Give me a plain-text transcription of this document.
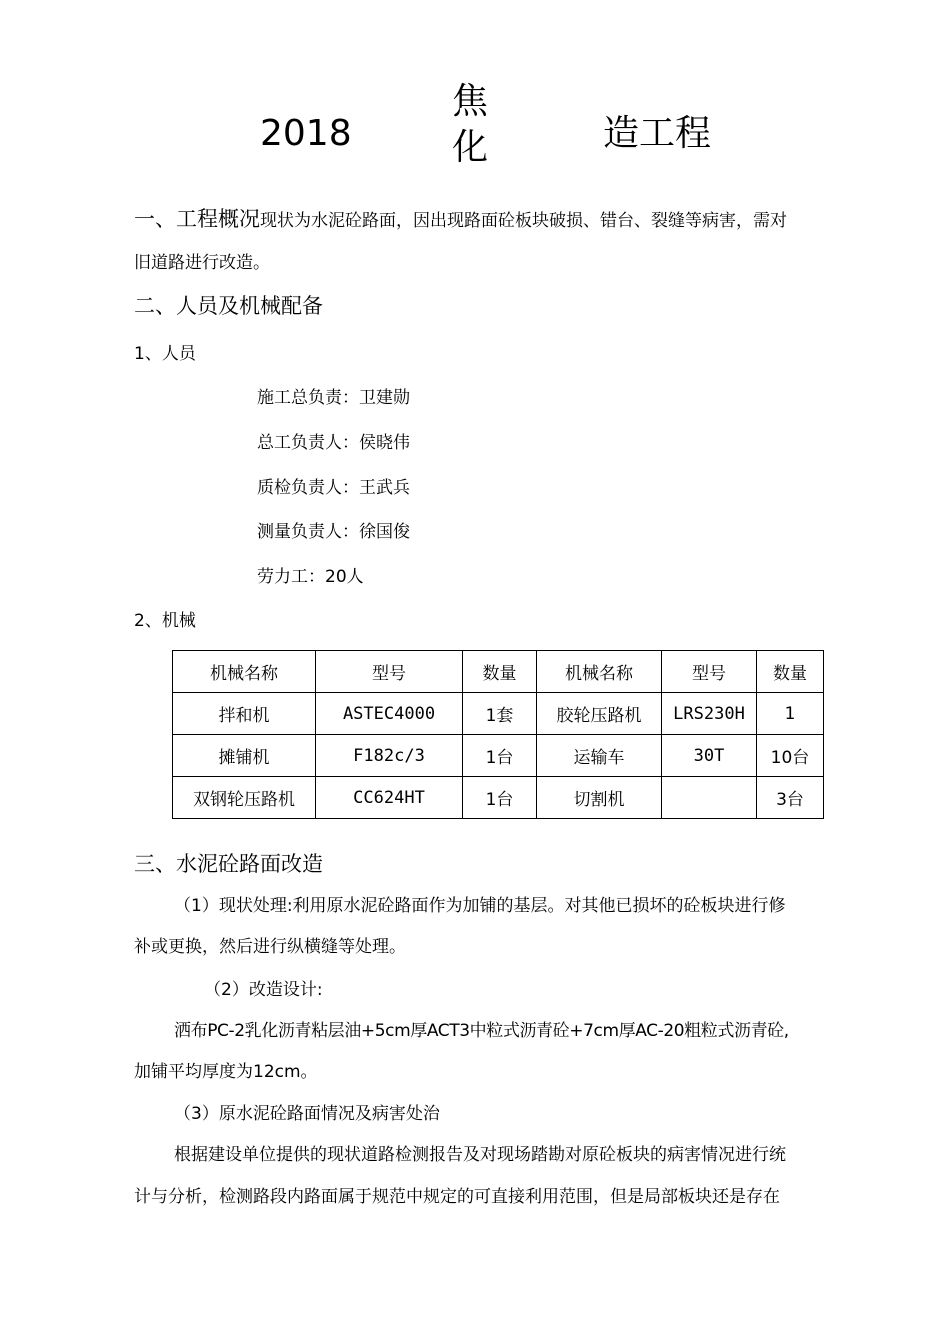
2018
焦
化	造工程
一、工程概况现状为水泥砼路面，因出现路面砼板块破损、错台、裂缝等病害，需对
旧道路进行改造。
二、人员及机械配备
1、人员
施工总负责：卫建勋
总工负责人：侯晓伟
质检负责人：王武兵
测量负责人：徐国俊
劳力工：20人
2、机械
机械名称	型号	数量	机械名称	型号	数量
拌和机	ASTEC4000	1套	胶轮压路机	LRS230H	1
摊铺机	F182c/3	1台	运输车	30T	10台
双钢轮压路机	CC624HT	1台	切割机		3台
三、水泥砼路面改造
（1）现状处理:利用原水泥砼路面作为加铺的基层。对其他已损坏的砼板块进行修
补或更换，然后进行纵横缝等处理。
（2）改造设计:
洒布PC-2乳化沥青粘层油+5cm厚ACT3中粒式沥青砼+7cm厚AC-20粗粒式沥青砼,
加铺平均厚度为12cm。
（3）原水泥砼路面情况及病害处治
根据建设单位提供的现状道路检测报告及对现场踏勘对原砼板块的病害情况进行统
计与分析，检测路段内路面属于规范中规定的可直接利用范围，但是局部板块还是存在
